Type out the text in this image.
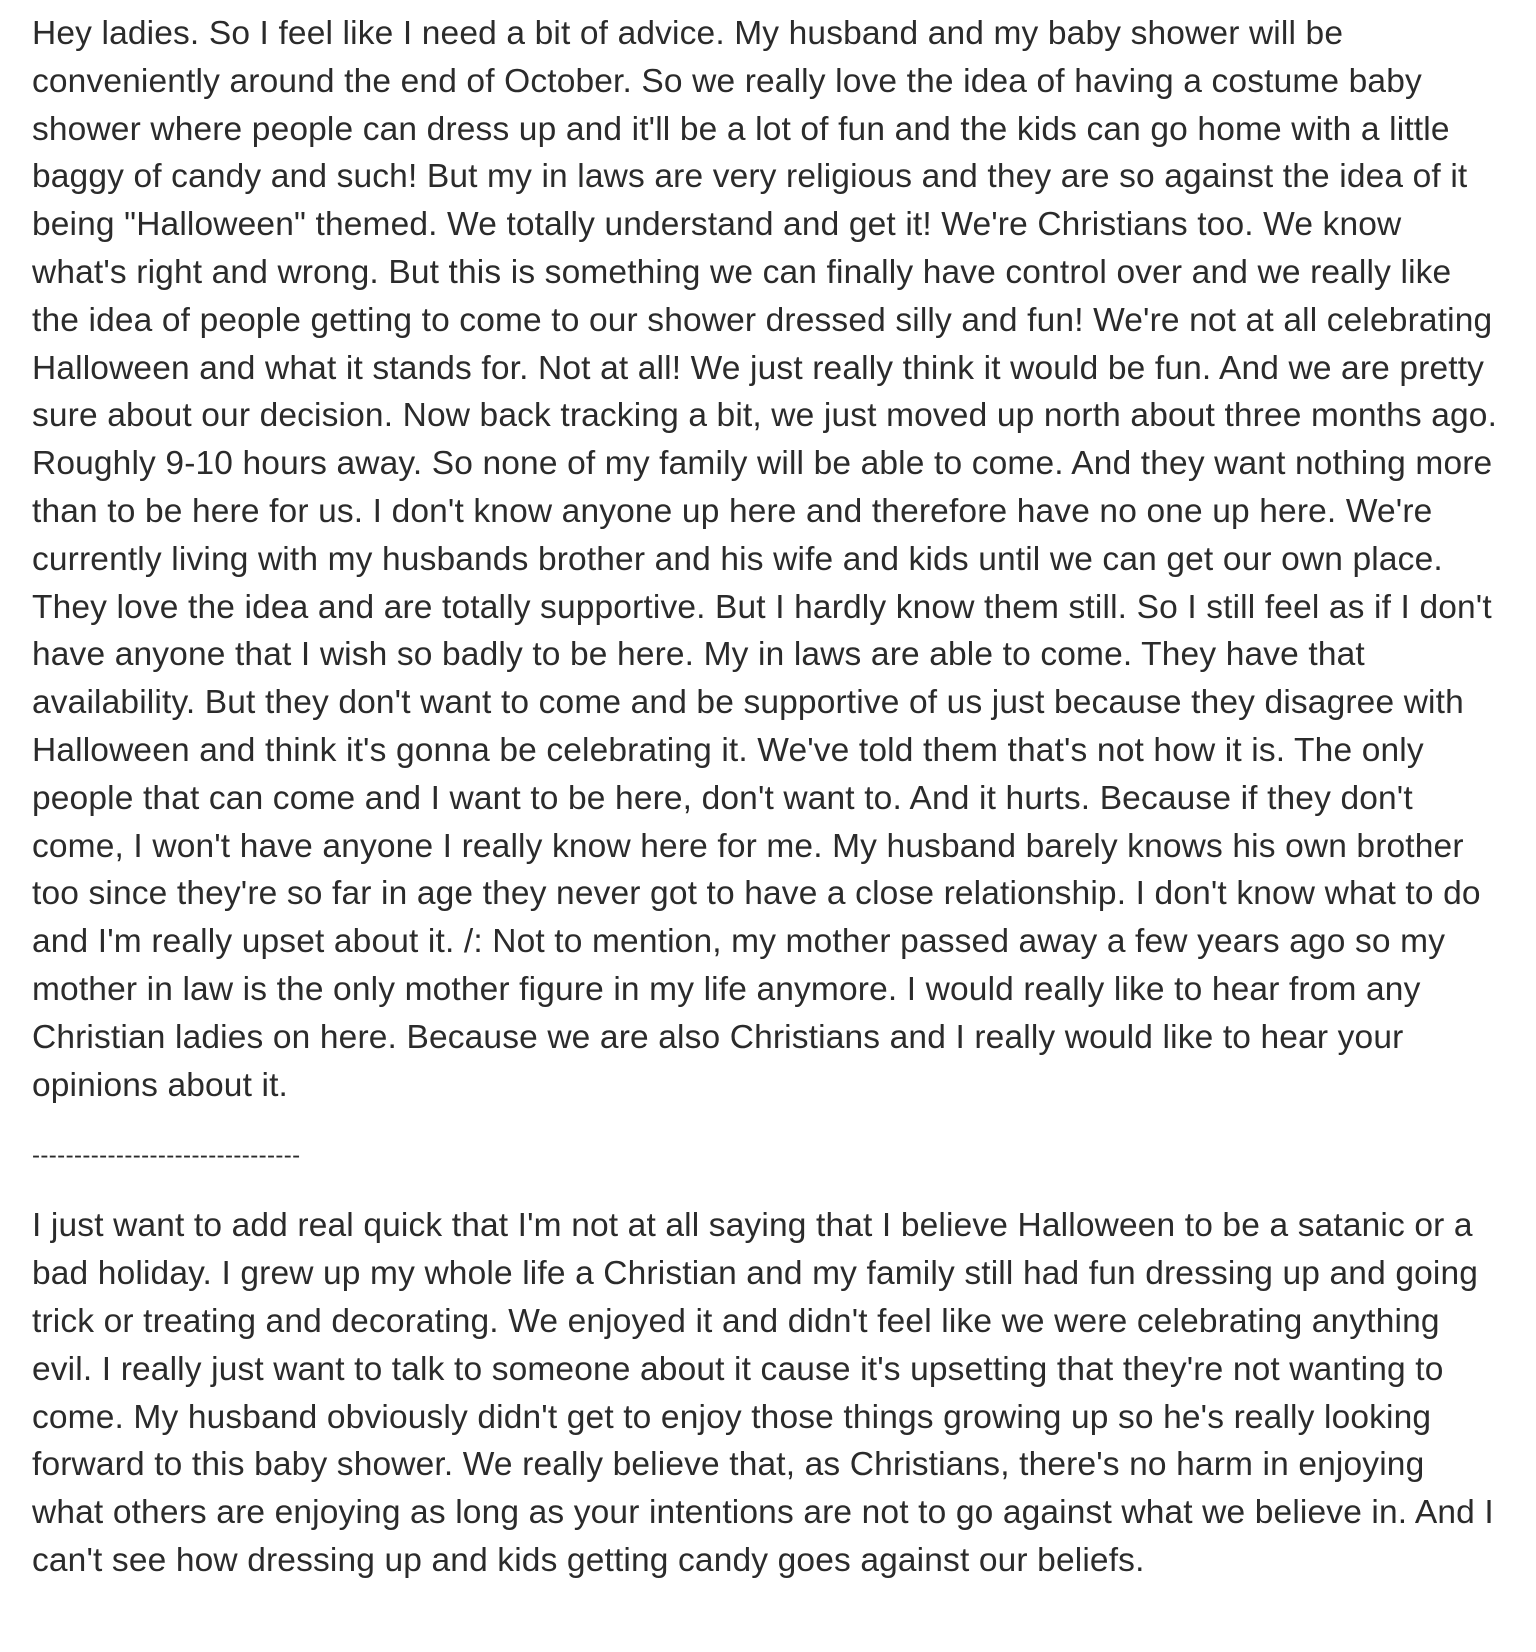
Hey ladies. So I feel like I need a bit of advice. My husband and my baby shower will be conveniently around the end of October. So we really love the idea of having a costume baby shower where people can dress up and it'll be a lot of fun and the kids can go home with a little baggy of candy and such! But my in laws are very religious and they are so against the idea of it being "Halloween" themed. We totally understand and get it! We're Christians too. We know what's right and wrong. But this is something we can finally have control over and we really like the idea of people getting to come to our shower dressed silly and fun! We're not at all celebrating Halloween and what it stands for. Not at all! We just really think it would be fun. And we are pretty sure about our decision. Now back tracking a bit, we just moved up north about three months ago. Roughly 9-10 hours away. So none of my family will be able to come. And they want nothing more than to be here for us. I don't know anyone up here and therefore have no one up here. We're currently living with my husbands brother and his wife and kids until we can get our own place. They love the idea and are totally supportive. But I hardly know them still. So I still feel as if I don't have anyone that I wish so badly to be here. My in laws are able to come. They have that availability. But they don't want to come and be supportive of us just because they disagree with Halloween and think it's gonna be celebrating it. We've told them that's not how it is. The only people that can come and I want to be here, don't want to. And it hurts. Because if they don't come, I won't have anyone I really know here for me. My husband barely knows his own brother too since they're so far in age they never got to have a close relationship. I don't know what to do and I'm really upset about it. /: Not to mention, my mother passed away a few years ago so my mother in law is the only mother figure in my life anymore. I would really like to hear from any Christian ladies on here. Because we are also Christians and I really would like to hear your opinions about it.

--------------------------------

I just want to add real quick that I'm not at all saying that I believe Halloween to be a satanic or a bad holiday. I grew up my whole life a Christian and my family still had fun dressing up and going trick or treating and decorating. We enjoyed it and didn't feel like we were celebrating anything evil. I really just want to talk to someone about it cause it's upsetting that they're not wanting to come. My husband obviously didn't get to enjoy those things growing up so he's really looking forward to this baby shower. We really believe that, as Christians, there's no harm in enjoying what others are enjoying as long as your intentions are not to go against what we believe in. And I can't see how dressing up and kids getting candy goes against our beliefs.
